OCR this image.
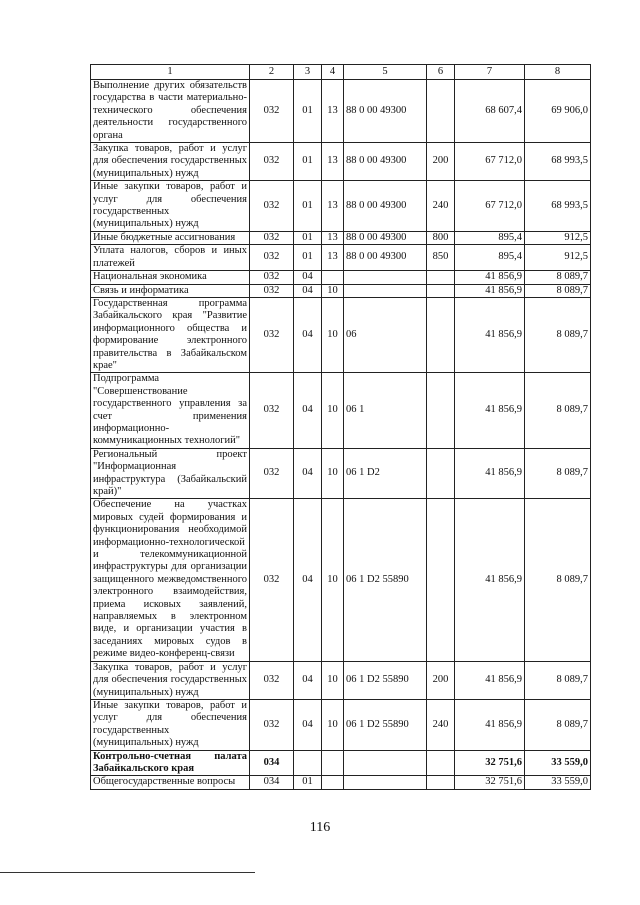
1	2	3	4	5	6	7	8
Выполнение других обязательств государства в части материально-технического обеспечения деятельности государственного органа	032	01	13	88 0 00 49300		68 607,4	69 906,0
Закупка товаров, работ и услуг для обеспечения государственных (муниципальных) нужд	032	01	13	88 0 00 49300	200	67 712,0	68 993,5
Иные закупки товаров, работ и услуг для обеспечения государственных (муниципальных) нужд	032	01	13	88 0 00 49300	240	67 712,0	68 993,5
Иные бюджетные ассигнования	032	01	13	88 0 00 49300	800	895,4	912,5
Уплата налогов, сборов и иных платежей	032	01	13	88 0 00 49300	850	895,4	912,5
Национальная экономика	032	04				41 856,9	8 089,7
Связь и информатика	032	04	10			41 856,9	8 089,7
Государственная программа Забайкальского края "Развитие информационного общества и формирование электронного правительства в Забайкальском крае"	032	04	10	06		41 856,9	8 089,7
Подпрограмма "Совершенствование государственного управления за счет применения информационно-коммуникационных технологий"	032	04	10	06 1		41 856,9	8 089,7
Региональный проект "Информационная инфраструктура (Забайкальский край)"	032	04	10	06 1 D2		41 856,9	8 089,7
Обеспечение на участках мировых судей формирования и функционирования необходимой информационно-технологической и телекоммуникационной инфраструктуры для организации защищенного межведомственного электронного взаимодействия, приема исковых заявлений, направляемых в электронном виде, и организации участия в заседаниях мировых судов в режиме видео-конференц-связи	032	04	10	06 1 D2 55890		41 856,9	8 089,7
Закупка товаров, работ и услуг для обеспечения государственных (муниципальных) нужд	032	04	10	06 1 D2 55890	200	41 856,9	8 089,7
Иные закупки товаров, работ и услуг для обеспечения государственных (муниципальных) нужд	032	04	10	06 1 D2 55890	240	41 856,9	8 089,7
Контрольно-счетная палата Забайкальского края	034					32 751,6	33 559,0
Общегосударственные вопросы	034	01				32 751,6	33 559,0
116
